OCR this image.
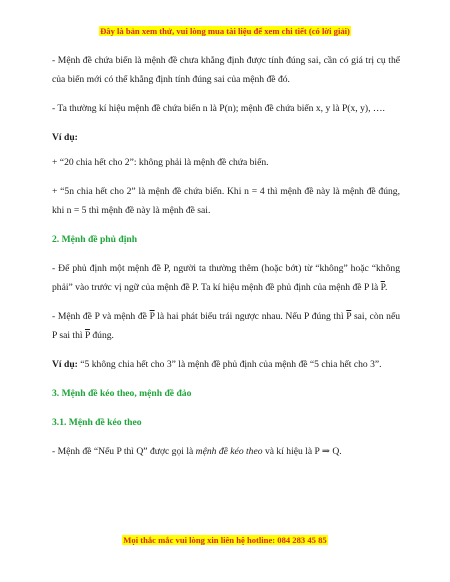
Đây là bản xem thử, vui lòng mua tài liệu để xem chi tiết (có lời giải)

- Mệnh đề chứa biến là mệnh đề chưa khẳng định được tính đúng sai, cần có giá trị cụ thể của biến mới có thể khẳng định tính đúng sai của mệnh đề đó.

- Ta thường kí hiệu mệnh đề chứa biến n là P(n); mệnh đề chứa biến x, y là P(x, y), ….

Ví dụ:

+ “20 chia hết cho 2”: không phải là mệnh đề chứa biến.

+ “5n chia hết cho 2” là mệnh đề chứa biến. Khi n = 4 thì mệnh đề này là mệnh đề đúng, khi n = 5 thì mệnh đề này là mệnh đề sai.

2. Mệnh đề phủ định

- Để phủ định một mệnh đề P, người ta thường thêm (hoặc bớt) từ “không” hoặc “không phải” vào trước vị ngữ của mệnh đề P. Ta kí hiệu mệnh đề phủ định của mệnh đề P là $\overline{P}$.

- Mệnh đề P và mệnh đề $\overline{P}$ là hai phát biểu trái ngược nhau. Nếu P đúng thì $\overline{P}$ sai, còn nếu P sai thì $\overline{P}$ đúng.

Ví dụ: “5 không chia hết cho 3” là mệnh đề phủ định của mệnh đề “5 chia hết cho 3”.

3. Mệnh đề kéo theo, mệnh đề đảo

3.1. Mệnh đề kéo theo

- Mệnh đề “Nếu P thì Q” được gọi là mệnh đề kéo theo và kí hiệu là P ⇒ Q.

Mọi thắc mắc vui lòng xin liên hệ hotline: 084 283 45 85
